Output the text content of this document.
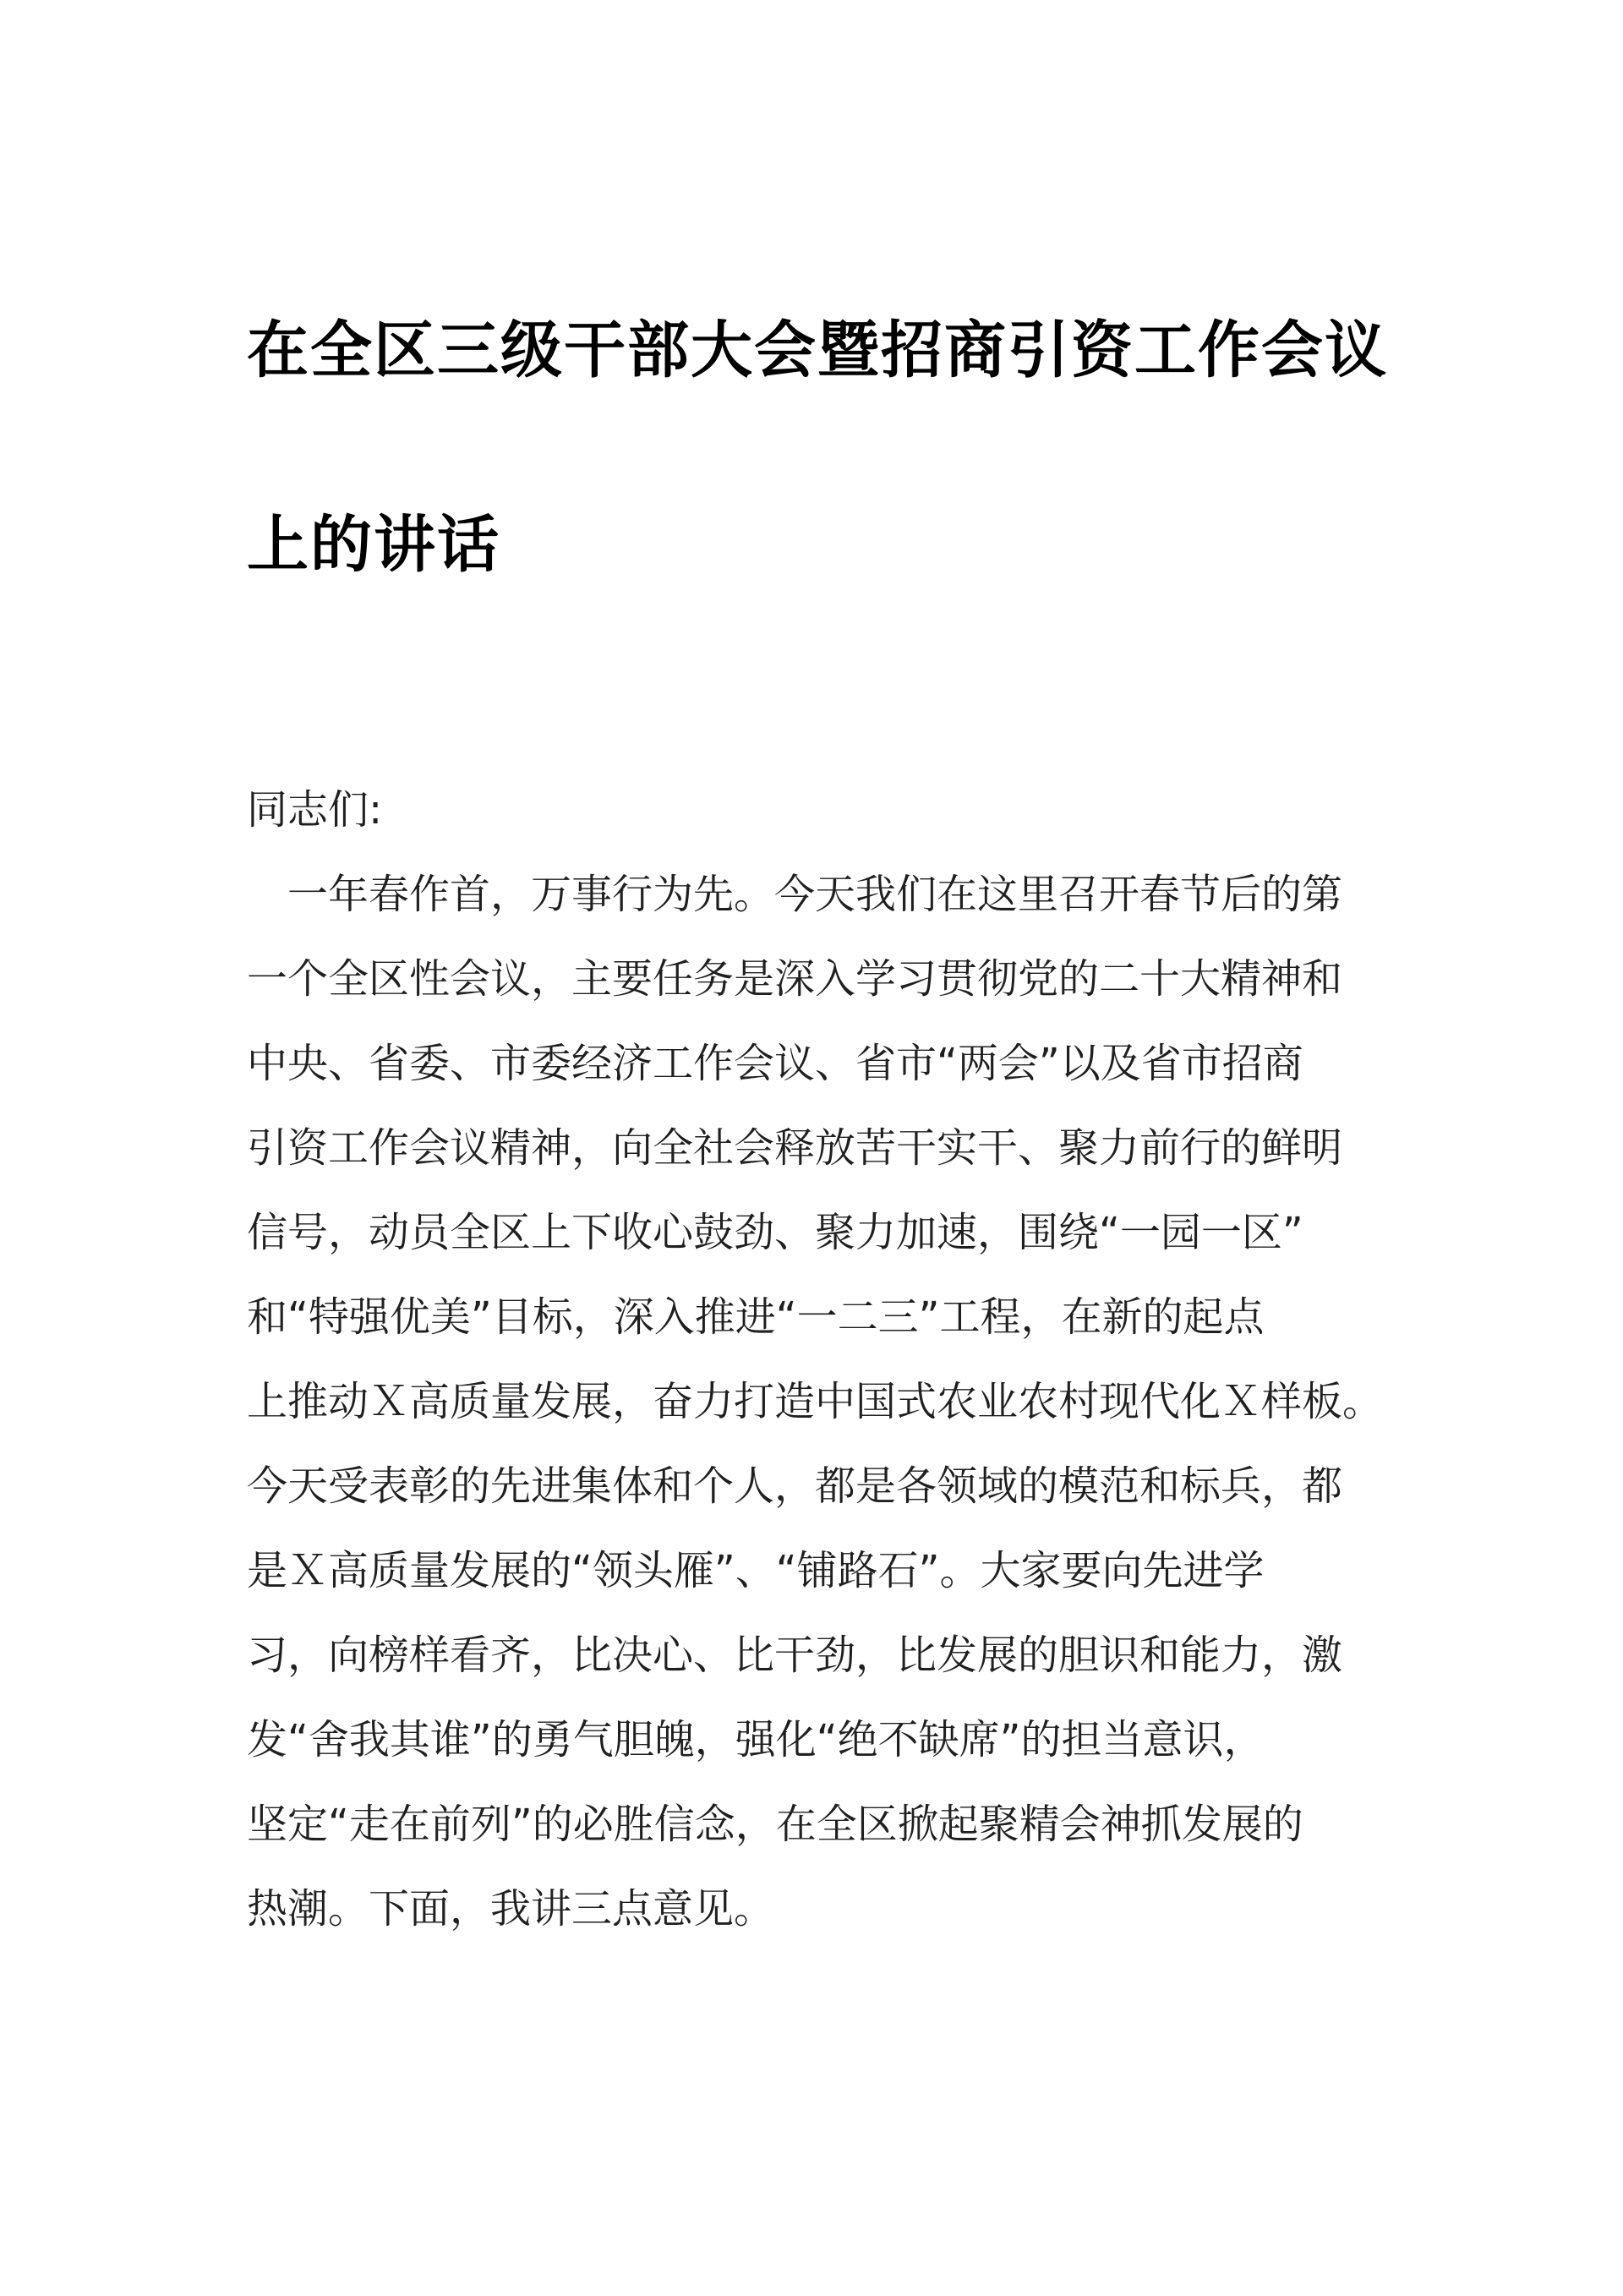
在全区三级干部大会暨招商引资工作会议
上的讲话
同志们:
　一年春作首，万事行为先。今天我们在这里召开春节后的第
一个全区性会议，主要任务是深入学习贯彻党的二十大精神和
中央、省委、市委经济工作会议、省市“两会”以及省市招商
引资工作会议精神，向全社会释放苦干实干、聚力前行的鲜明
信号，动员全区上下收心鼓劲、聚力加速，围绕“一园一区”
和“特强优美”目标，深入推进“一二三”工程，在新的起点
上推动Ｘ高质量发展，奋力打造中国式农业农村现代化Ｘ样板。
今天受表彰的先进集体和个人，都是各领域的模范和标兵，都
是Ｘ高质量发展的“领头雁”、“铺路石”。大家要向先进学
习，向榜样看齐，比决心、比干劲，比发展的胆识和能力，激
发“舍我其谁”的勇气胆魄，强化“绝不缺席”的担当意识，
坚定“走在前列”的必胜信念，在全区掀起聚精会神抓发展的
热潮。下面，我讲三点意见。
